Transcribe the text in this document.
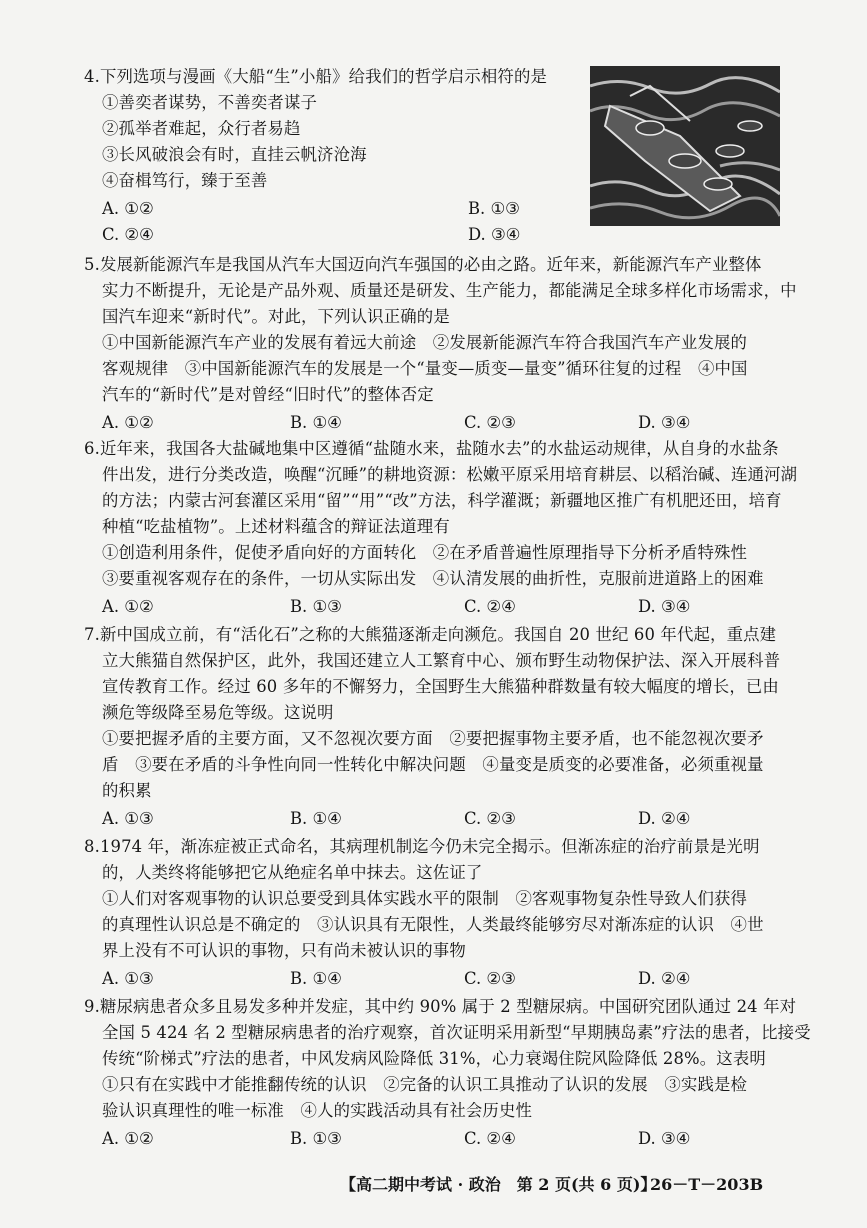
4.下列选项与漫画《大船“生”小船》给我们的哲学启示相符的是
①善奕者谋势，不善奕者谋子
②孤举者难起，众行者易趋
③长风破浪会有时，直挂云帆济沧海
④奋楫笃行，臻于至善
A. ①②	B. ①③
C. ②④	D. ③④
5.发展新能源汽车是我国从汽车大国迈向汽车强国的必由之路。近年来，新能源汽车产业整体
实力不断提升，无论是产品外观、质量还是研发、生产能力，都能满足全球多样化市场需求，中
国汽车迎来“新时代”。对此，下列认识正确的是
①中国新能源汽车产业的发展有着远大前途　②发展新能源汽车符合我国汽车产业发展的
客观规律　③中国新能源汽车的发展是一个“量变—质变—量变”循环往复的过程　④中国
汽车的“新时代”是对曾经“旧时代”的整体否定
A. ①②	B. ①④	C. ②③	D. ③④
6.近年来，我国各大盐碱地集中区遵循“盐随水来，盐随水去”的水盐运动规律，从自身的水盐条
件出发，进行分类改造，唤醒“沉睡”的耕地资源：松嫩平原采用培育耕层、以稻治碱、连通河湖
的方法；内蒙古河套灌区采用“留”“用”“改”方法，科学灌溉；新疆地区推广有机肥还田，培育
种植“吃盐植物”。上述材料蕴含的辩证法道理有
①创造利用条件，促使矛盾向好的方面转化　②在矛盾普遍性原理指导下分析矛盾特殊性
③要重视客观存在的条件，一切从实际出发　④认清发展的曲折性，克服前进道路上的困难
A. ①②	B. ①③	C. ②④	D. ③④
7.新中国成立前，有“活化石”之称的大熊猫逐渐走向濒危。我国自 20 世纪 60 年代起，重点建
立大熊猫自然保护区，此外，我国还建立人工繁育中心、颁布野生动物保护法、深入开展科普
宣传教育工作。经过 60 多年的不懈努力，全国野生大熊猫种群数量有较大幅度的增长，已由
濒危等级降至易危等级。这说明
①要把握矛盾的主要方面，又不忽视次要方面　②要把握事物主要矛盾，也不能忽视次要矛
盾　③要在矛盾的斗争性向同一性转化中解决问题　④量变是质变的必要准备，必须重视量
的积累
A. ①③	B. ①④	C. ②③	D. ②④
8.1974 年，渐冻症被正式命名，其病理机制迄今仍未完全揭示。但渐冻症的治疗前景是光明
的，人类终将能够把它从绝症名单中抹去。这佐证了
①人们对客观事物的认识总要受到具体实践水平的限制　②客观事物复杂性导致人们获得
的真理性认识总是不确定的　③认识具有无限性，人类最终能够穷尽对渐冻症的认识　④世
界上没有不可认识的事物，只有尚未被认识的事物
A. ①③	B. ①④	C. ②③	D. ②④
9.糖尿病患者众多且易发多种并发症，其中约 90% 属于 2 型糖尿病。中国研究团队通过 24 年对
全国 5 424 名 2 型糖尿病患者的治疗观察，首次证明采用新型“早期胰岛素”疗法的患者，比接受
传统“阶梯式”疗法的患者，中风发病风险降低 31%，心力衰竭住院风险降低 28%。这表明
①只有在实践中才能推翻传统的认识　②完备的认识工具推动了认识的发展　③实践是检
验认识真理性的唯一标准　④人的实践活动具有社会历史性
A. ①②	B. ①③	C. ②④	D. ③④
【高二期中考试 · 政治　第 2 页(共 6 页)】
26－T－203B
